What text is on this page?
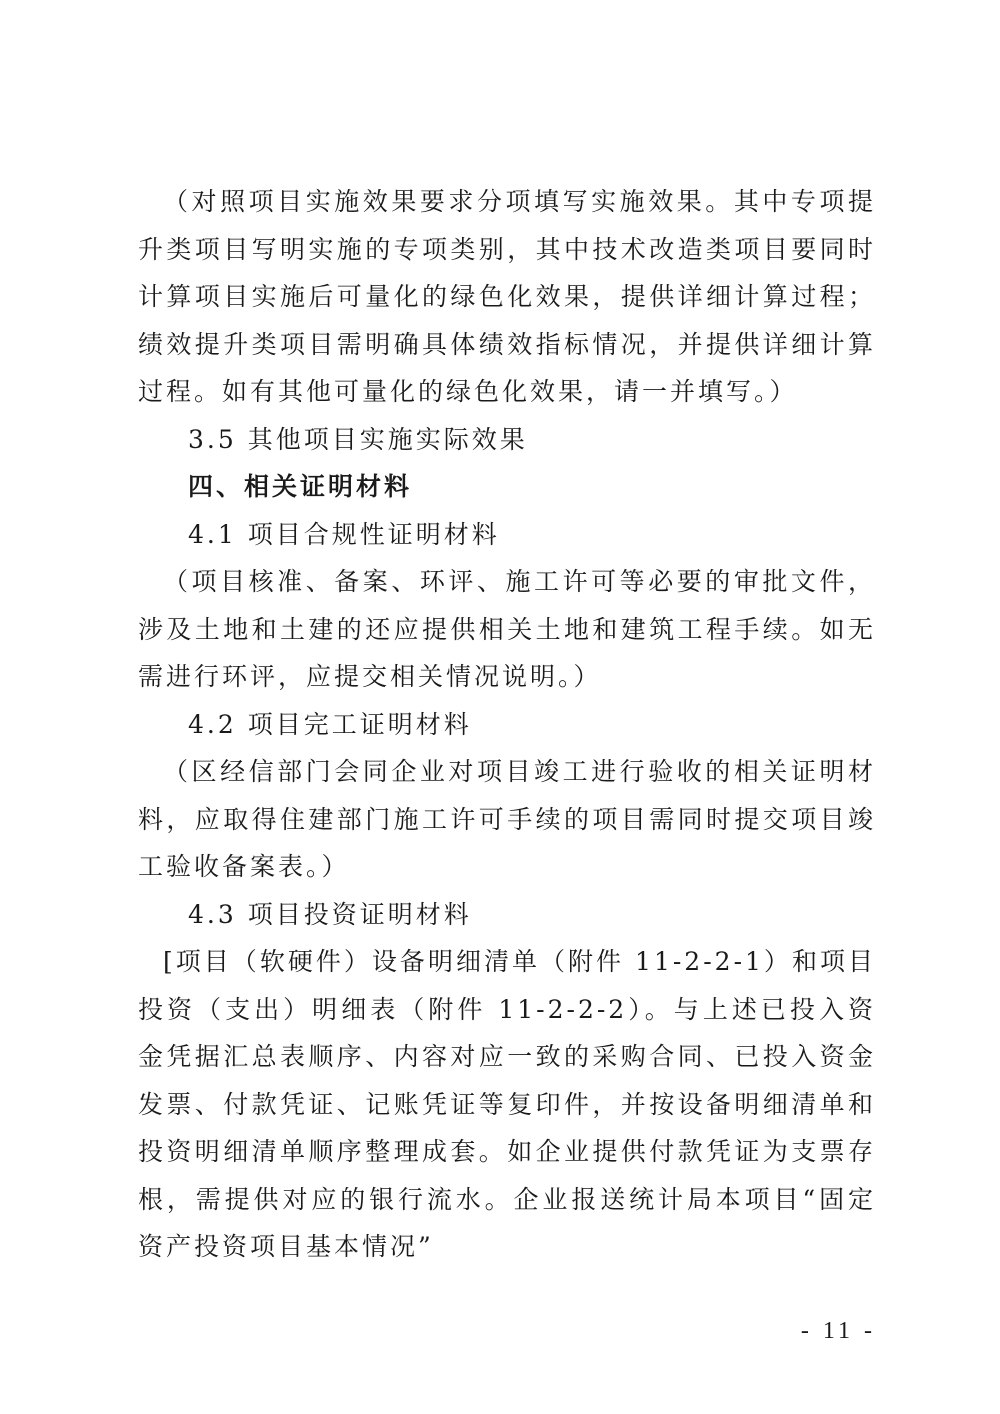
（对照项目实施效果要求分项填写实施效果。其中专项提升类项目写明实施的专项类别，其中技术改造类项目要同时计算项目实施后可量化的绿色化效果，提供详细计算过程；绩效提升类项目需明确具体绩效指标情况，并提供详细计算过程。如有其他可量化的绿色化效果，请一并填写。）

3.5 其他项目实施实际效果

四、相关证明材料

4.1 项目合规性证明材料

（项目核准、备案、环评、施工许可等必要的审批文件，涉及土地和土建的还应提供相关土地和建筑工程手续。如无需进行环评，应提交相关情况说明。）

4.2 项目完工证明材料

（区经信部门会同企业对项目竣工进行验收的相关证明材料，应取得住建部门施工许可手续的项目需同时提交项目竣工验收备案表。）

4.3 项目投资证明材料

[项目（软硬件）设备明细清单（附件 11-2-2-1）和项目投资（支出）明细表（附件 11-2-2-2）。与上述已投入资金凭据汇总表顺序、内容对应一致的采购合同、已投入资金发票、付款凭证、记账凭证等复印件，并按设备明细清单和投资明细清单顺序整理成套。如企业提供付款凭证为支票存根，需提供对应的银行流水。企业报送统计局本项目“固定资产投资项目基本情况”

- 11 -
